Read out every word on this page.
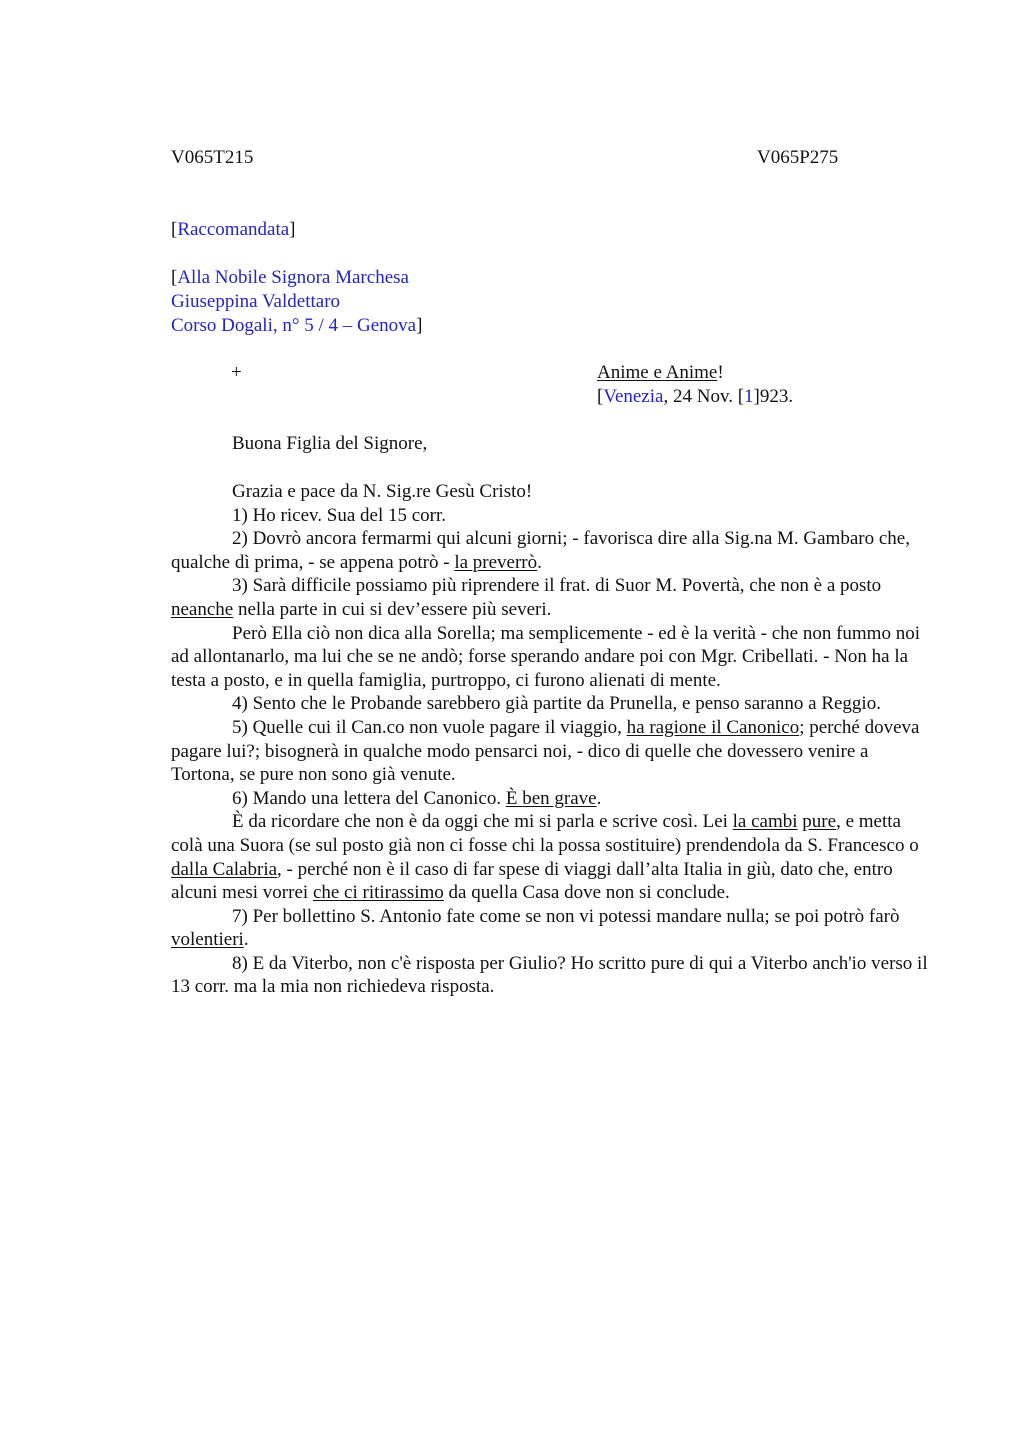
V065T215	V065P275
[Raccomandata]
[Alla Nobile Signora Marchesa
Giuseppina Valdettaro
Corso Dogali, n° 5 / 4 – Genova]
+	Anime e Anime!
[Venezia, 24 Nov. [1]923.
Buona Figlia del Signore,

Grazia e pace da N. Sig.re Gesù Cristo!

1) Ho ricev. Sua del 15 corr.

2) Dovrò ancora fermarmi qui alcuni giorni; - favorisca dire alla Sig.na M. Gambaro che, qualche dì prima, - se appena potrò - la preverrò.

3) Sarà difficile possiamo più riprendere il frat. di Suor M. Povertà, che non è a posto neanche nella parte in cui si dev’essere più severi.

Però Ella ciò non dica alla Sorella; ma semplicemente - ed è la verità - che non fummo noi ad allontanarlo, ma lui che se ne andò; forse sperando andare poi con Mgr. Cribellati. - Non ha la testa a posto, e in quella famiglia, purtroppo, ci furono alienati di mente.

4) Sento che le Probande sarebbero già partite da Prunella, e penso saranno a Reggio.

5) Quelle cui il Can.co non vuole pagare il viaggio, ha ragione il Canonico; perché doveva pagare lui?; bisognerà in qualche modo pensarci noi, - dico di quelle che dovessero venire a Tortona, se pure non sono già venute.

6) Mando una lettera del Canonico. È ben grave.

È da ricordare che non è da oggi che mi si parla e scrive così. Lei la cambi pure, e metta colà una Suora (se sul posto già non ci fosse chi la possa sostituire) prendendola da S. Francesco o dalla Calabria, - perché non è il caso di far spese di viaggi dall’alta Italia in giù, dato che, entro alcuni mesi vorrei che ci ritirassimo da quella Casa dove non si conclude.

7) Per bollettino S. Antonio fate come se non vi potessi mandare nulla; se poi potrò farò volentieri.

8) E da Viterbo, non c'è risposta per Giulio? Ho scritto pure di qui a Viterbo anch'io verso il 13 corr. ma la mia non richiedeva risposta.
